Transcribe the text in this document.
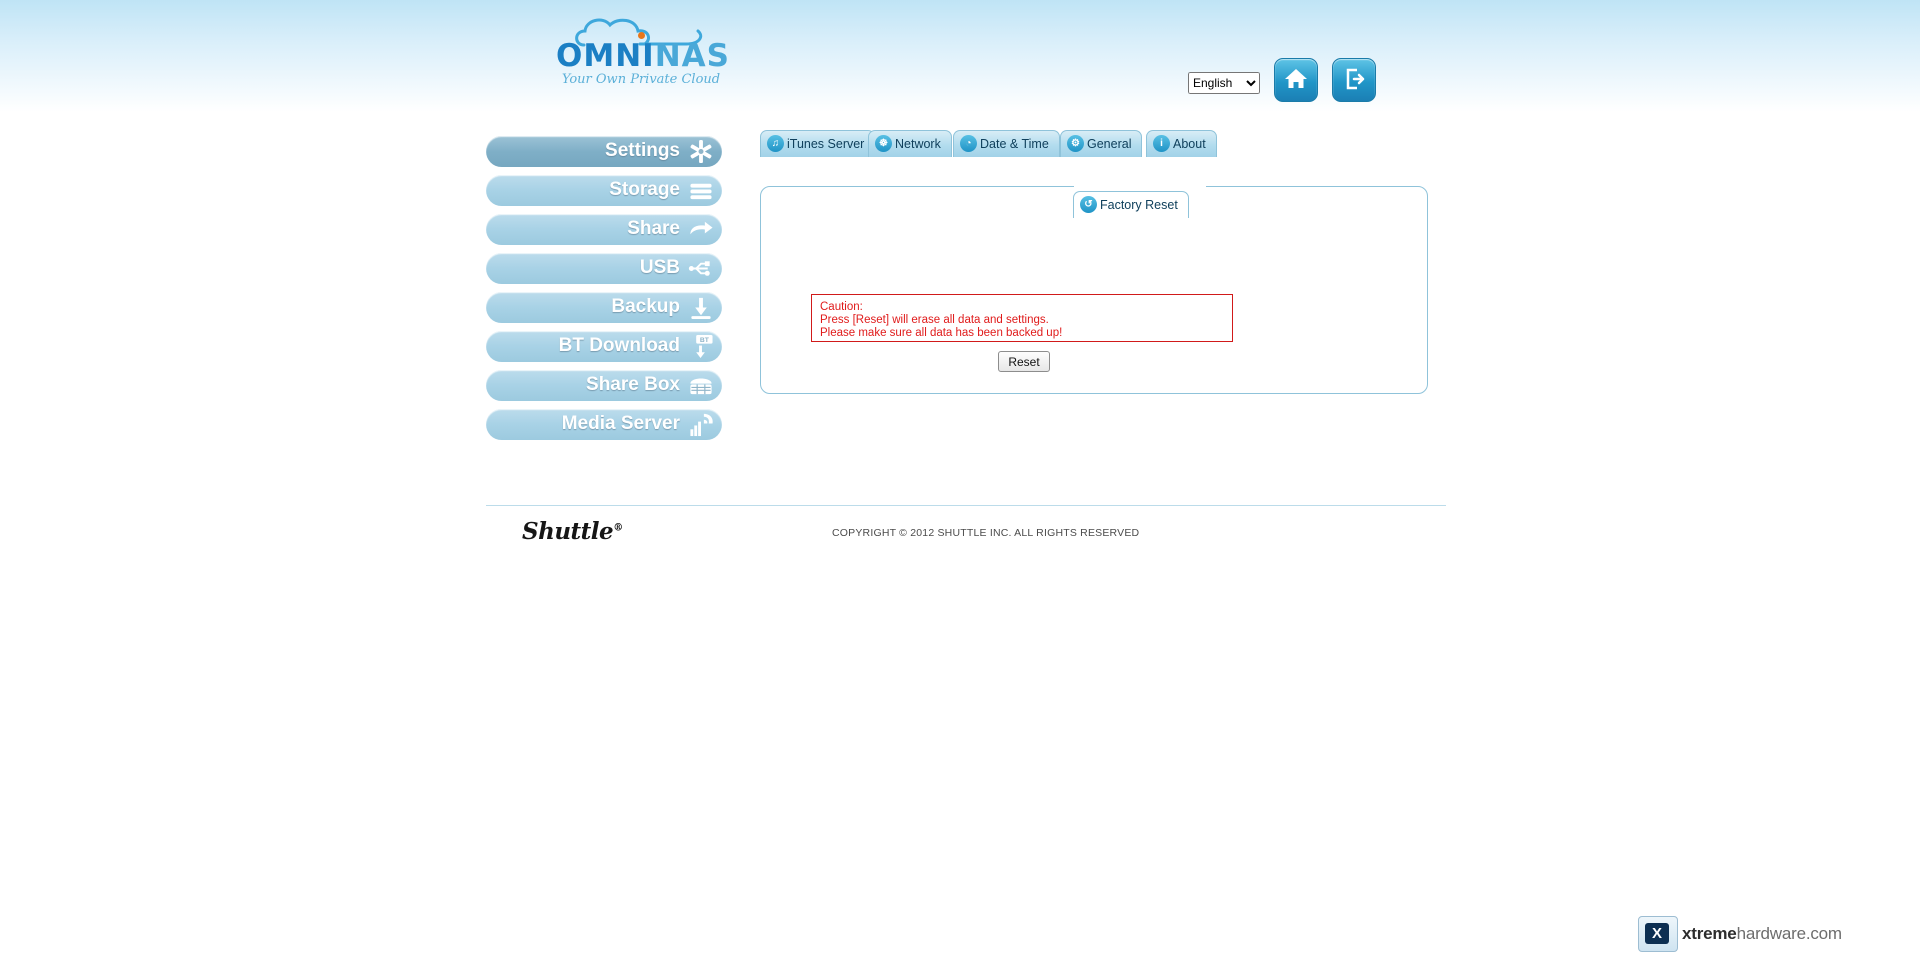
OMNINAS
Your Own Private Cloud
English
Settings
Storage
Share
USB
Backup
BT Download	BT
Share Box
Media Server
♫ iTunes Server	☸ Network	◔ Date & Time	⚙ General	i About
↺ Factory Reset
Caution:
Press [Reset] will erase all data and settings.
Please make sure all data has been backed up!
Reset
Shuttle®	COPYRIGHT © 2012 SHUTTLE INC. ALL RIGHTS RESERVED
X	xtremehardware.com
